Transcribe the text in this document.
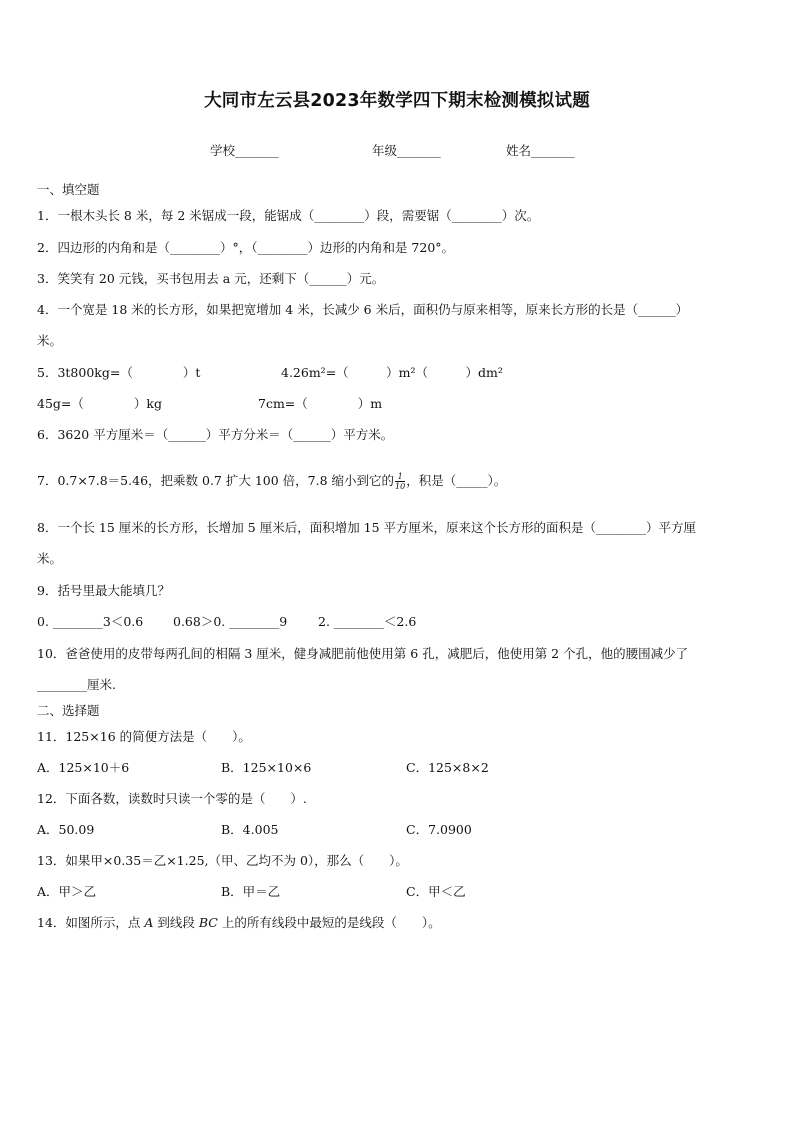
大同市左云县2023年数学四下期末检测模拟试题
学校_______	年级_______	姓名_______
一、填空题
1．一根木头长 8 米，每 2 米锯成一段，能锯成（________）段，需要锯（________）次。
2．四边形的内角和是（________）°，（________）边形的内角和是 720°。
3．笑笑有 20 元钱，买书包用去 a 元，还剩下（______）元。
4．一个宽是 18 米的长方形，如果把宽增加 4 米，长减少 6 米后，面积仍与原来相等，原来长方形的长是（______）
米。
5．3t800kg=（　　　　）t	4.26m²=（　　　）m²（　　　）dm²
45g=（　　　　）kg	7cm=（　　　　）m
6．3620 平方厘米＝（______）平方分米＝（______）平方米。
7．0.7×7.8＝5.46，把乘数 0.7 扩大 100 倍，7.8 缩小到它的 $\frac{1}{10}$ ，积是（_____）。
8．一个长 15 厘米的长方形，长增加 5 厘米后，面积增加 15 平方厘米，原来这个长方形的面积是（________）平方厘
米。
9．括号里最大能填几？
0. ________3＜0.6 0.68＞0. ________9 2. ________＜2.6
10．爸爸使用的皮带每两孔间的相隔 3 厘米，健身减肥前他使用第 6 孔，减肥后，他使用第 2 个孔，他的腰围减少了
________厘米.
二、选择题
11．125×16 的简便方法是（　　）。
A．125×10＋6	B．125×10×6	C．125×8×2
12．下面各数，读数时只读一个零的是（　　）.
A．50.09	B．4.005	C．7.0900
13．如果甲×0.35＝乙×1.25,（甲、乙均不为 0），那么（　　）。
A．甲＞乙	B．甲＝乙	C．甲＜乙
14．如图所示，点 A 到线段 BC 上的所有线段中最短的是线段（　　）。
